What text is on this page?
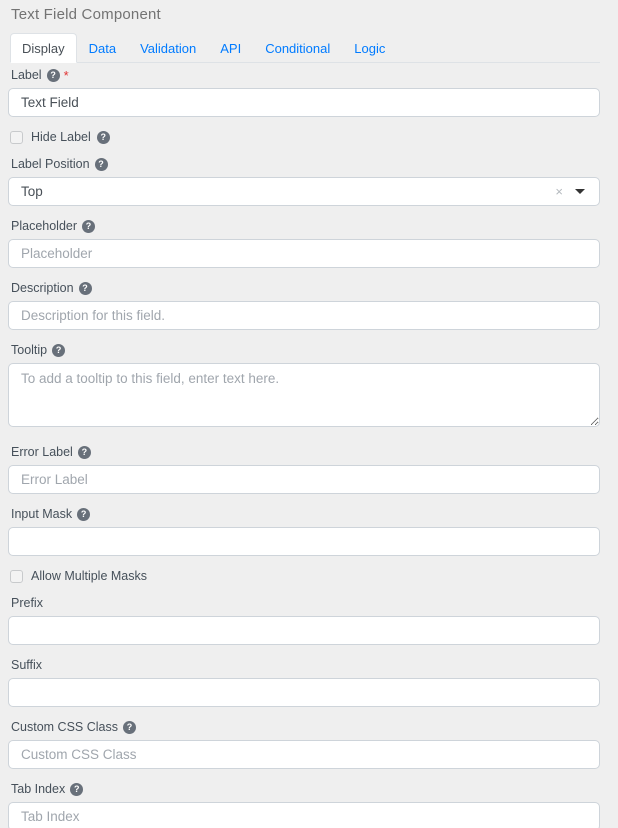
Text Field Component
Display	Data	Validation	API	Conditional	Logic
Label ? *
Text Field
Hide Label	?
Label Position ?
Top	×
Placeholder ?
Placeholder
Description ?
Description for this field.
Tooltip ?
To add a tooltip to this field, enter text here.
Error Label ?
Error Label
Input Mask ?
Allow Multiple Masks
Prefix
Suffix
Custom CSS Class ?
Custom CSS Class
Tab Index ?
Tab Index
